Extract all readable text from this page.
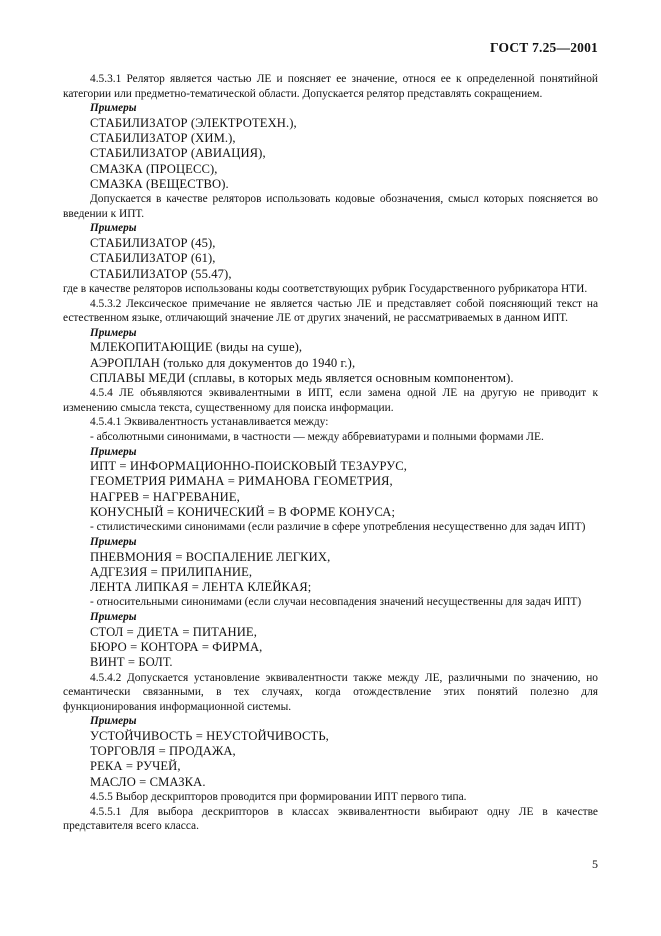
ГОСТ 7.25—2001

4.5.3.1 Релятор является частью ЛЕ и поясняет ее значение, относя ее к определенной понятийной категории или предметно-тематической области. Допускается релятор представлять сокращением.

Примеры

СТАБИЛИЗАТОР (ЭЛЕКТРОТЕХН.),

СТАБИЛИЗАТОР (ХИМ.),

СТАБИЛИЗАТОР (АВИАЦИЯ),

СМАЗКА (ПРОЦЕСС),

СМАЗКА (ВЕЩЕСТВО).

Допускается в качестве реляторов использовать кодовые обозначения, смысл которых поясняется во введении к ИПТ.

Примеры

СТАБИЛИЗАТОР (45),

СТАБИЛИЗАТОР (61),

СТАБИЛИЗАТОР (55.47),

где в качестве реляторов использованы коды соответствующих рубрик Государственного рубрикатора НТИ.

4.5.3.2 Лексическое примечание не является частью ЛЕ и представляет собой поясняющий текст на естественном языке, отличающий значение ЛЕ от других значений, не рассматриваемых в данном ИПТ.

Примеры

МЛЕКОПИТАЮЩИЕ (виды на суше),

АЭРОПЛАН (только для документов до 1940 г.),

СПЛАВЫ МЕДИ (сплавы, в которых медь является основным компонентом).

4.5.4 ЛЕ объявляются эквивалентными в ИПТ, если замена одной ЛЕ на другую не приводит к изменению смысла текста, существенному для поиска информации.

4.5.4.1 Эквивалентность устанавливается между:

- абсолютными синонимами, в частности — между аббревиатурами и полными формами ЛЕ.

Примеры

ИПТ = ИНФОРМАЦИОННО-ПОИСКОВЫЙ ТЕЗАУРУС,

ГЕОМЕТРИЯ РИМАНА = РИМАНОВА ГЕОМЕТРИЯ,

НАГРЕВ = НАГРЕВАНИЕ,

КОНУСНЫЙ = КОНИЧЕСКИЙ = В ФОРМЕ КОНУСА;

- стилистическими синонимами (если различие в сфере употребления несущественно для задач ИПТ)

Примеры

ПНЕВМОНИЯ = ВОСПАЛЕНИЕ ЛЕГКИХ,

АДГЕЗИЯ = ПРИЛИПАНИЕ,

ЛЕНТА ЛИПКАЯ = ЛЕНТА КЛЕЙКАЯ;

- относительными синонимами (если случаи несовпадения значений несущественны для задач ИПТ)

Примеры

СТОЛ = ДИЕТА = ПИТАНИЕ,

БЮРО = КОНТОРА = ФИРМА,

ВИНТ = БОЛТ.

4.5.4.2 Допускается установление эквивалентности также между ЛЕ, различными по значению, но семантически связанными, в тех случаях, когда отождествление этих понятий полезно для функционирования информационной системы.

Примеры

УСТОЙЧИВОСТЬ = НЕУСТОЙЧИВОСТЬ,

ТОРГОВЛЯ = ПРОДАЖА,

РЕКА = РУЧЕЙ,

МАСЛО = СМАЗКА.

4.5.5 Выбор дескрипторов проводится при формировании ИПТ первого типа.

4.5.5.1 Для выбора дескрипторов в классах эквивалентности выбирают одну ЛЕ в качестве представителя всего класса.

5
